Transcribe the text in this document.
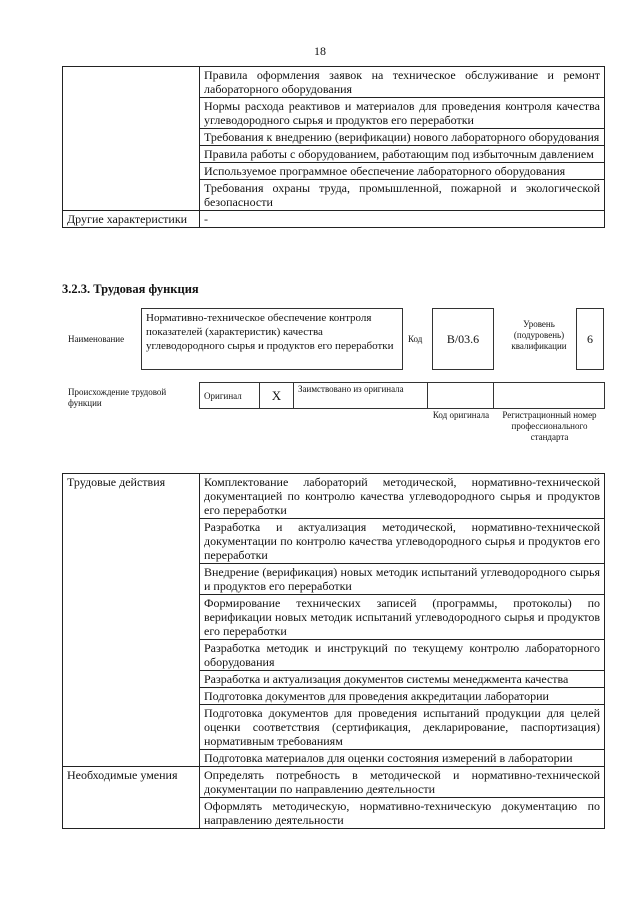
18
	Правила оформления заявок на техническое обслуживание и ремонт лабораторного оборудования
	Нормы расхода реактивов и материалов для проведения контроля качества углеводородного сырья и продуктов его переработки
	Требования к внедрению (верификации) нового лабораторного оборудования
	Правила работы с оборудованием, работающим под избыточным давлением
	Используемое программное обеспечение лабораторного оборудования
	Требования охраны труда, промышленной, пожарной и экологической безопасности
Другие характеристики	-
3.2.3. Трудовая функция
Наименование
Нормативно-техническое обеспечение контроля показателей (характеристик) качества углеводородного сырья и продуктов его переработки
Код B/03.6
Уровень (подуровень) квалификации
6
Происхождение трудовой функции
Оригинал	X	Заимствовано из оригинала		
Код оригинала	Регистрационный номер профессионального стандарта
Трудовые действия	Комплектование лабораторий методической, нормативно-технической документацией по контролю качества углеводородного сырья и продуктов его переработки
	Разработка и актуализация методической, нормативно-технической документации по контролю качества углеводородного сырья и продуктов его переработки
	Внедрение (верификация) новых методик испытаний углеводородного сырья и продуктов его переработки
	Формирование технических записей (программы, протоколы) по верификации новых методик испытаний углеводородного сырья и продуктов его переработки
	Разработка методик и инструкций по текущему контролю лабораторного оборудования
	Разработка и актуализация документов системы менеджмента качества
	Подготовка документов для проведения аккредитации лаборатории
	Подготовка документов для проведения испытаний продукции для целей оценки соответствия (сертификация, декларирование, паспортизация) нормативным требованиям
	Подготовка материалов для оценки состояния измерений в лаборатории
Необходимые умения	Определять потребность в методической и нормативно-технической документации по направлению деятельности
	Оформлять методическую, нормативно-техническую документацию по направлению деятельности
